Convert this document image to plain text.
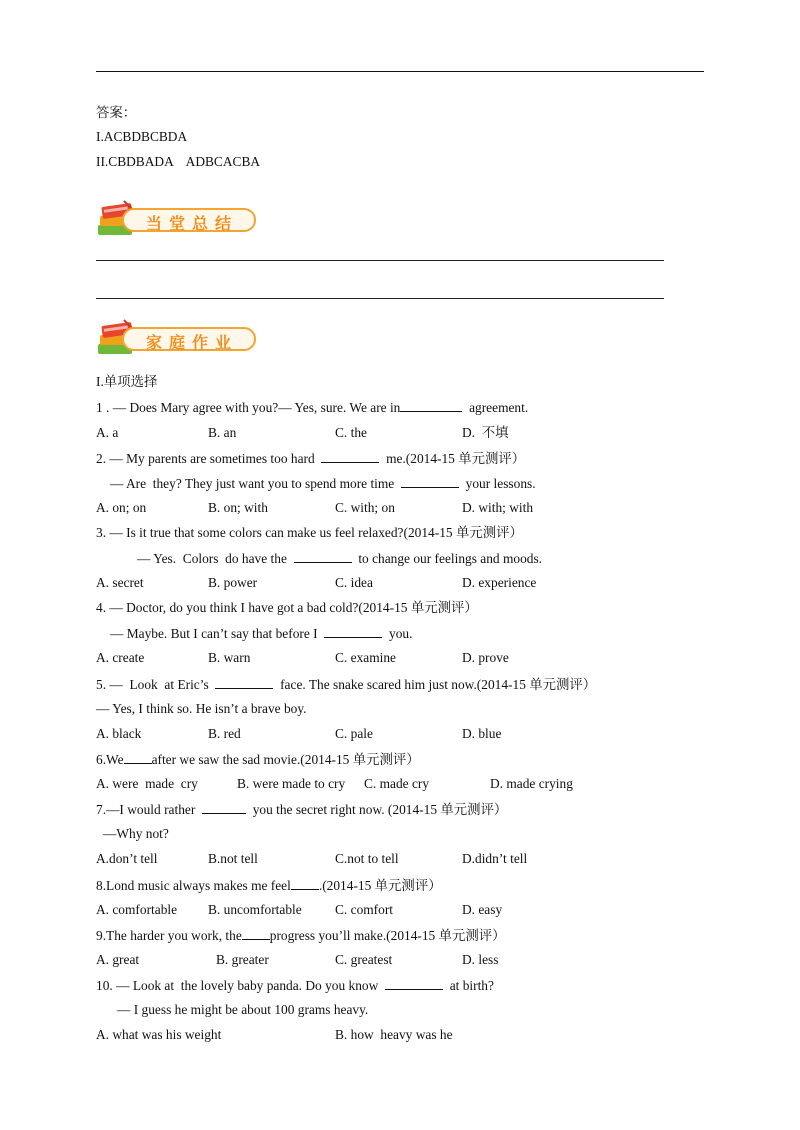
答案：
I.ACBDBCBDA
II.CBDBADA    ADBCACBA
当堂总结
家庭作业
I.单项选择
1 . — Does Mary agree with you?— Yes, sure. We are in	agreement.
A. a	B. an	C. the	D.  不填
2. — My parents are sometimes too hard	me.(2014-15 单元测评）
— Are  they? They just want you to spend more time	your lessons.
A. on; on	B. on; with	C. with; on	D. with; with
3. — Is it true that some colors can make us feel relaxed?(2014-15 单元测评）
— Yes.  Colors  do have the	to change our feelings and moods.
A. secret	B. power	C. idea	D. experience
4. — Doctor, do you think I have got a bad cold?(2014-15 单元测评）
— Maybe. But I can’t say that before I	you.
A. create	B. warn	C. examine	D. prove
5. —  Look  at Eric’s	face. The snake scared him just now.(2014-15 单元测评）
— Yes, I think so. He isn’t a brave boy.
A. black	B. red	C. pale	D. blue
6.We after we saw the sad movie.(2014-15 单元测评）
A. were  made  cry	B. were made to cry C. made cry	D. made crying
7.—I would rather	you the secret right now. (2014-15 单元测评）
—Why not?
A.don’t tell	B.not tell	C.not to tell	D.didn’t tell
8.Lond music always makes me feel .(2014-15 单元测评）
A. comfortable B. uncomfortable C. comfort	D. easy
9.The harder you work, the progress you’ll make.(2014-15 单元测评）
A. great	B. greater	C. greatest	D. less
10. — Look at  the lovely baby panda. Do you know	at birth?
— I guess he might be about 100 grams heavy.
A. what was his weight	B. how  heavy was he
